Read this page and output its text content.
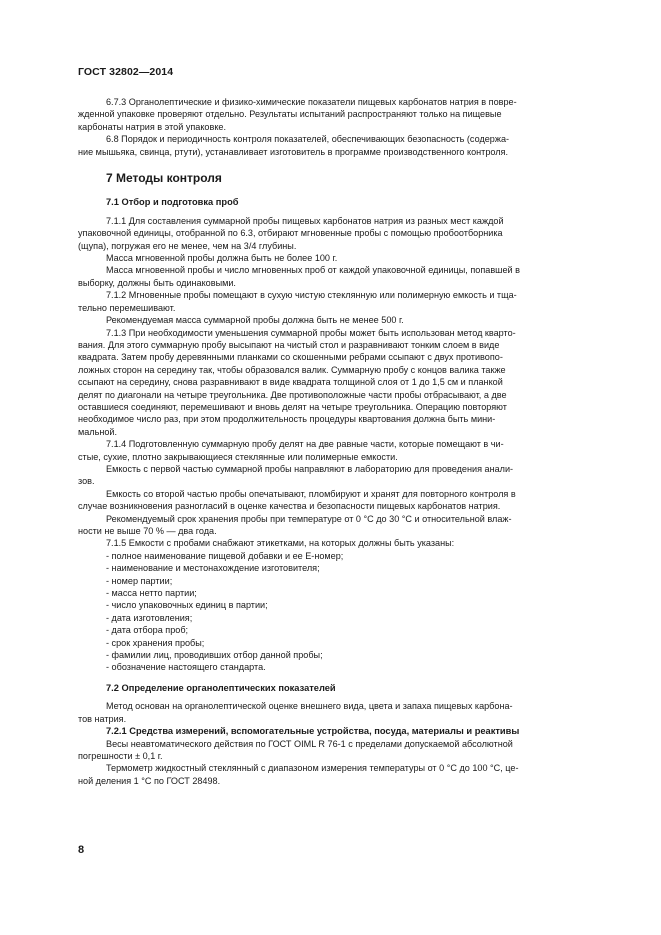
ГОСТ 32802—2014
6.7.3 Органолептические и физико-химические показатели пищевых карбонатов натрия в повре-
жденной упаковке проверяют отдельно. Результаты испытаний распространяют только на пищевые
карбонаты натрия в этой упаковке.
6.8 Порядок и периодичность контроля показателей, обеспечивающих безопасность (содержа-
ние мышьяка, свинца, ртути), устанавливает изготовитель в программе производственного контроля.
7 Методы контроля
7.1 Отбор и подготовка проб
7.1.1 Для составления суммарной пробы пищевых карбонатов натрия из разных мест каждой
упаковочной единицы, отобранной по 6.3, отбирают мгновенные пробы с помощью пробоотборника
(щупа), погружая его не менее, чем на 3/4 глубины.
Масса мгновенной пробы должна быть не более 100 г.
Масса мгновенной пробы и число мгновенных проб от каждой упаковочной единицы, попавшей в
выборку, должны быть одинаковыми.
7.1.2 Мгновенные пробы помещают в сухую чистую стеклянную или полимерную емкость и тща-
тельно перемешивают.
Рекомендуемая масса суммарной пробы должна быть не менее 500 г.
7.1.3 При необходимости уменьшения суммарной пробы может быть использован метод кварто-
вания. Для этого суммарную пробу высыпают на чистый стол и разравнивают тонким слоем в виде
квадрата. Затем пробу деревянными планками со скошенными ребрами ссыпают с двух противопо-
ложных сторон на середину так, чтобы образовался валик. Суммарную пробу с концов валика также
ссыпают на середину, снова разравнивают в виде квадрата толщиной слоя от 1 до 1,5 см и планкой
делят по диагонали на четыре треугольника. Две противоположные части пробы отбрасывают, а две
оставшиеся соединяют, перемешивают и вновь делят на четыре треугольника. Операцию повторяют
необходимое число раз, при этом продолжительность процедуры квартования должна быть мини-
мальной.
7.1.4 Подготовленную суммарную пробу делят на две равные части, которые помещают в чи-
стые, сухие, плотно закрывающиеся стеклянные или полимерные емкости.
Емкость с первой частью суммарной пробы направляют в лабораторию для проведения анали-
зов.
Емкость со второй частью пробы опечатывают, пломбируют и хранят для повторного контроля в
случае возникновения разногласий в оценке качества и безопасности пищевых карбонатов натрия.
Рекомендуемый срок хранения пробы при температуре от 0 °С до 30 °С и относительной влаж-
ности не выше 70 % — два года.
7.1.5 Емкости с пробами снабжают этикетками, на которых должны быть указаны:
- полное наименование пищевой добавки и ее Е-номер;
- наименование и местонахождение изготовителя;
- номер партии;
- масса нетто партии;
- число упаковочных единиц в партии;
- дата изготовления;
- дата отбора проб;
- срок хранения пробы;
- фамилии лиц, проводивших отбор данной пробы;
- обозначение настоящего стандарта.
7.2 Определение органолептических показателей
Метод основан на органолептической оценке внешнего вида, цвета и запаха пищевых карбона-
тов натрия.
7.2.1 Средства измерений, вспомогательные устройства, посуда, материалы и реактивы
Весы неавтоматического действия по ГОСТ OIML R 76-1 с пределами допускаемой абсолютной
погрешности ± 0,1 г.
Термометр жидкостный стеклянный с диапазоном измерения температуры от 0 °С до 100 °С, це-
ной деления 1 °С по ГОСТ 28498.
8
